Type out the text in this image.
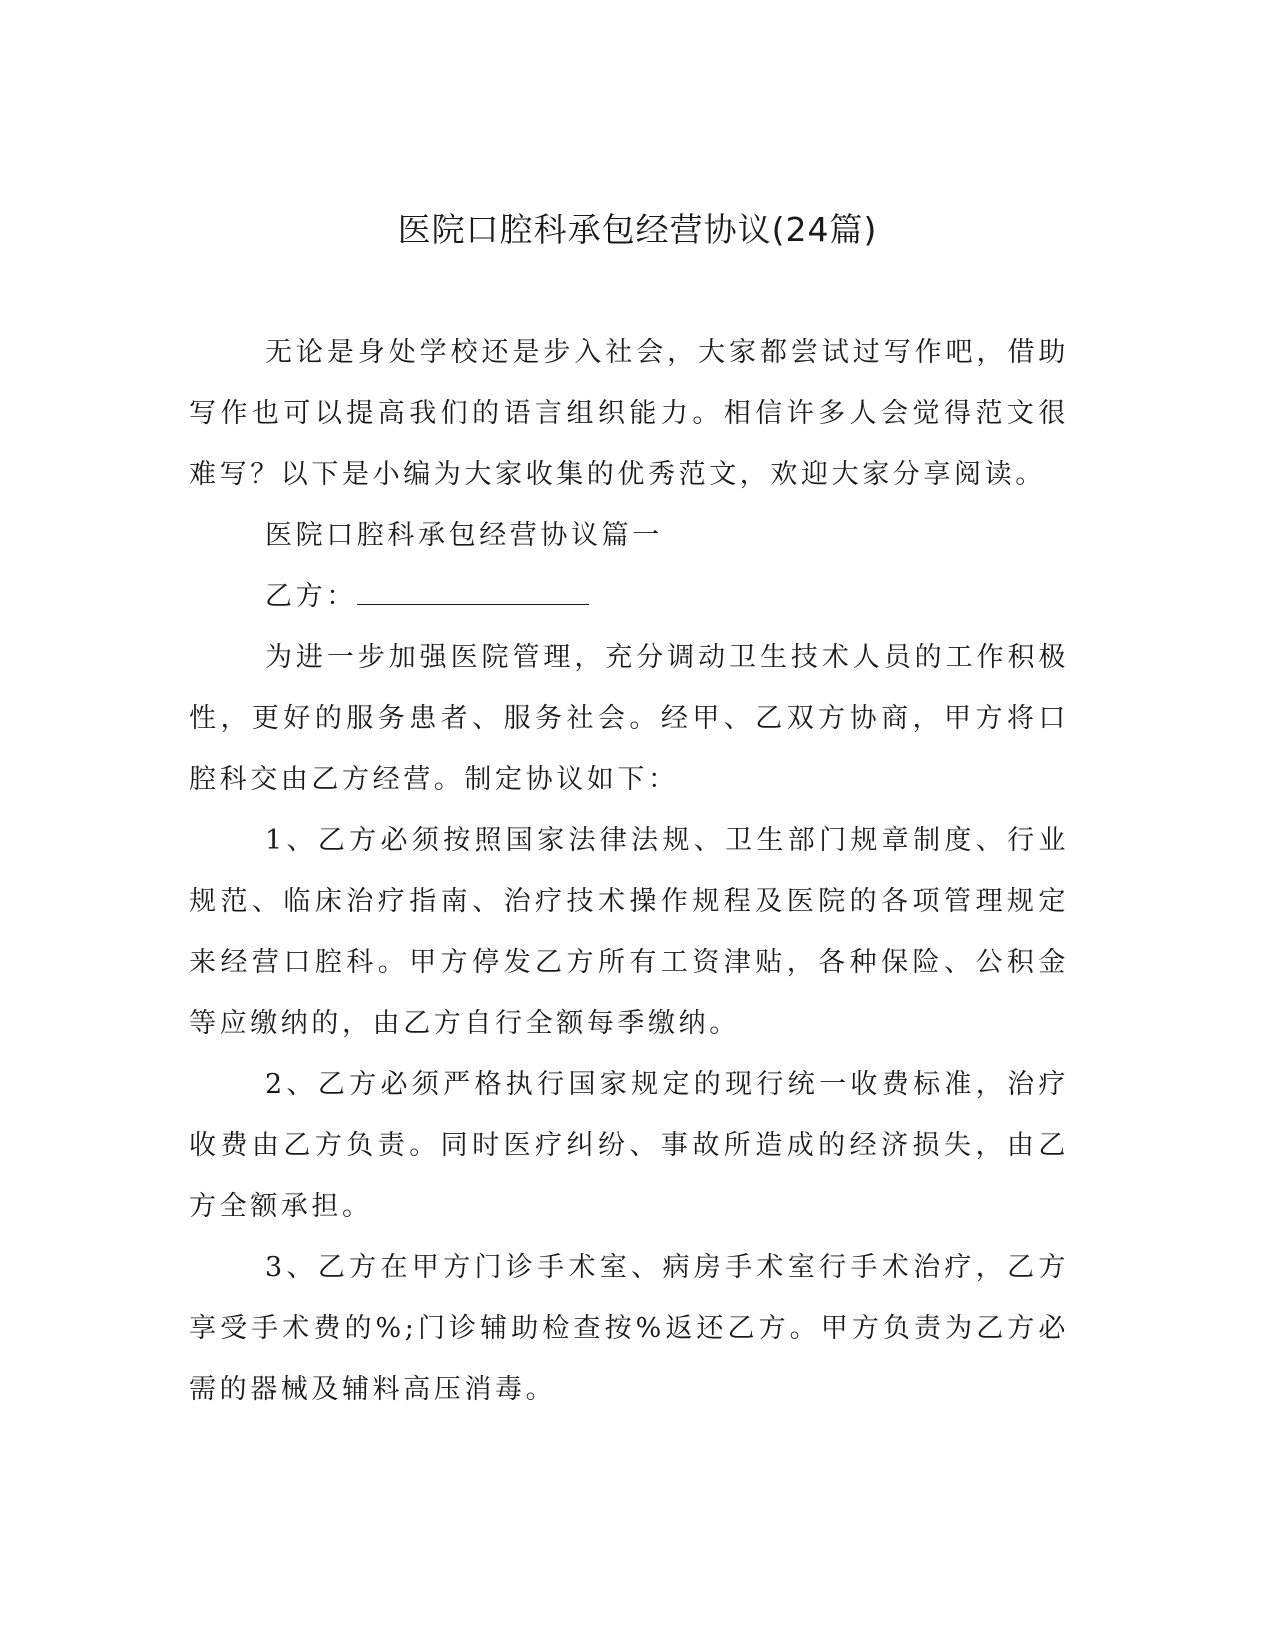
医院口腔科承包经营协议(24篇)

无论是身处学校还是步入社会，大家都尝试过写作吧，借助写作也可以提高我们的语言组织能力。相信许多人会觉得范文很难写？以下是小编为大家收集的优秀范文，欢迎大家分享阅读。

医院口腔科承包经营协议篇一

乙方：

为进一步加强医院管理，充分调动卫生技术人员的工作积极性，更好的服务患者、服务社会。经甲、乙双方协商，甲方将口腔科交由乙方经营。制定协议如下：

1、乙方必须按照国家法律法规、卫生部门规章制度、行业规范、临床治疗指南、治疗技术操作规程及医院的各项管理规定来经营口腔科。甲方停发乙方所有工资津贴，各种保险、公积金等应缴纳的，由乙方自行全额每季缴纳。

2、乙方必须严格执行国家规定的现行统一收费标准，治疗收费由乙方负责。同时医疗纠纷、事故所造成的经济损失，由乙方全额承担。

3、乙方在甲方门诊手术室、病房手术室行手术治疗，乙方享受手术费的%;门诊辅助检查按%返还乙方。甲方负责为乙方必需的器械及辅料高压消毒。
